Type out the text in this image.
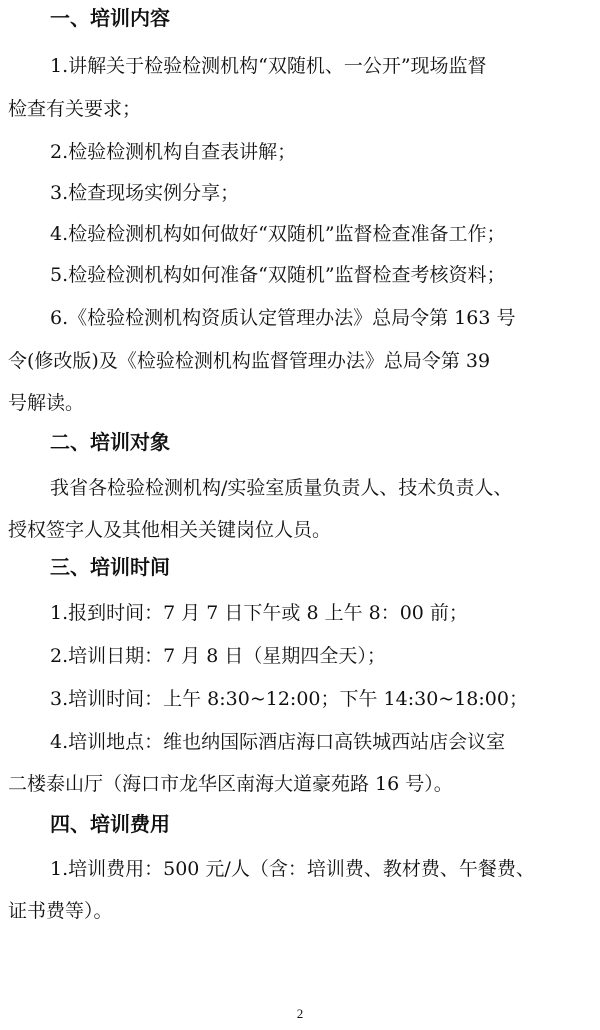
一、培训内容
1.讲解关于检验检测机构“双随机、一公开”现场监督
检查有关要求；
2.检验检测机构自查表讲解；
3.检查现场实例分享；
4.检验检测机构如何做好“双随机”监督检查准备工作；
5.检验检测机构如何准备“双随机”监督检查考核资料；
6.《检验检测机构资质认定管理办法》总局令第 163 号
令(修改版)及《检验检测机构监督管理办法》总局令第 39
号解读。
二、培训对象
我省各检验检测机构/实验室质量负责人、技术负责人、
授权签字人及其他相关关键岗位人员。
三、培训时间
1.报到时间：7 月 7 日下午或 8 上午 8：00 前；
2.培训日期：7 月 8 日（星期四全天）；
3.培训时间：上午 8:30~12:00；下午 14:30~18:00；
4.培训地点：维也纳国际酒店海口高铁城西站店会议室
二楼泰山厅（海口市龙华区南海大道豪苑路 16 号）。
四、培训费用
1.培训费用：500 元/人（含：培训费、教材费、午餐费、
证书费等）。
2
